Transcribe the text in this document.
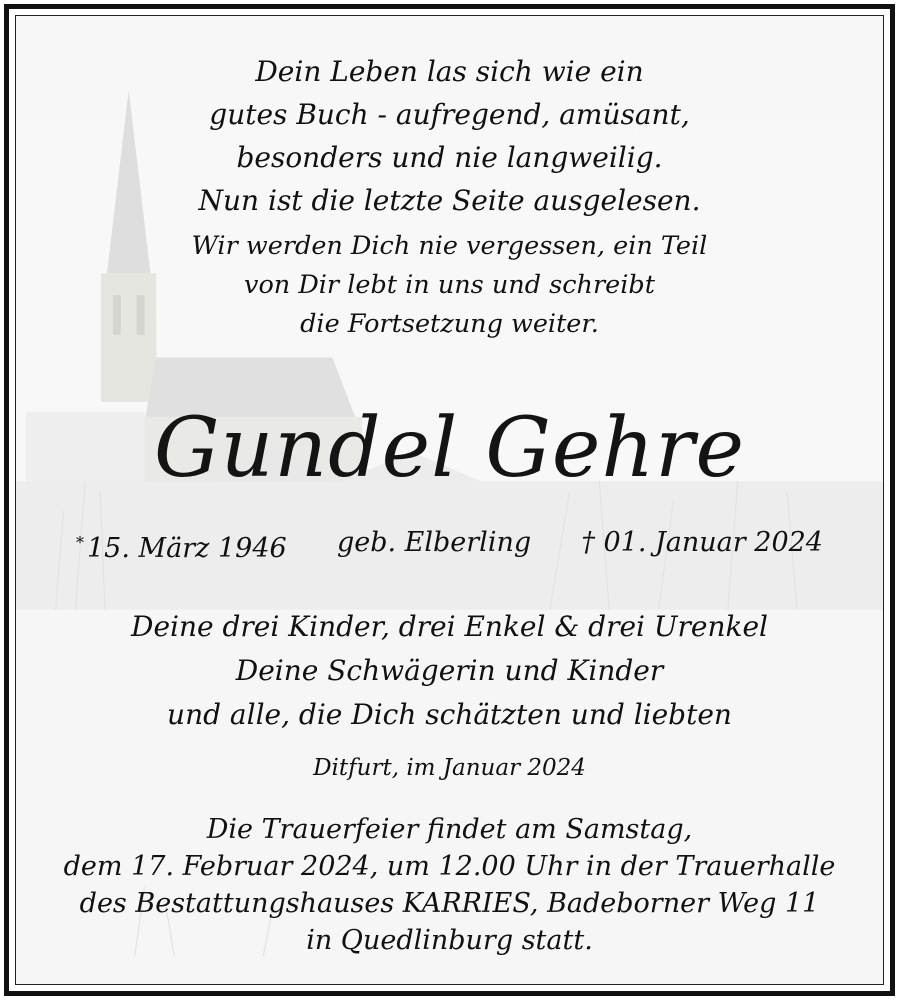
Dein Leben las sich wie ein
gutes Buch - aufregend, amüsant,
besonders und nie langweilig.
Nun ist die letzte Seite ausgelesen.
Wir werden Dich nie vergessen, ein Teil
von Dir lebt in uns und schreibt
die Fortsetzung weiter.
Gundel Gehre
* 15. März 1946 geb. Elberling † 01. Januar 2024
Deine drei Kinder, drei Enkel & drei Urenkel
Deine Schwägerin und Kinder
und alle, die Dich schätzten und liebten
Ditfurt, im Januar 2024
Die Trauerfeier findet am Samstag,
dem 17. Februar 2024, um 12.00 Uhr in der Trauerhalle
des Bestattungshauses KARRIES, Badeborner Weg 11
in Quedlinburg statt.
